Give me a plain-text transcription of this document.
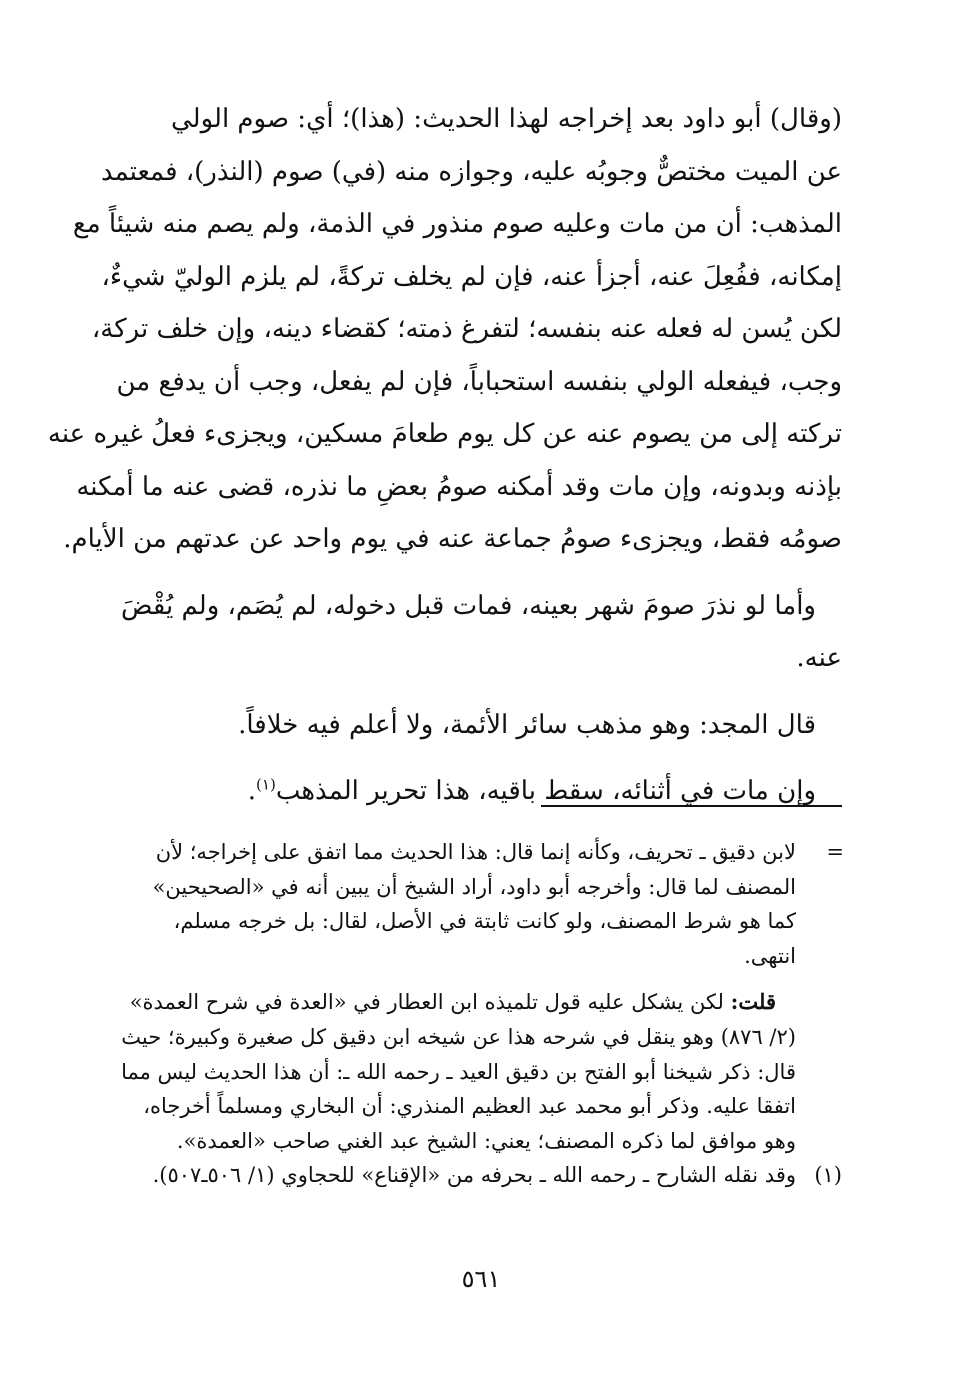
(وقال) أبو داود بعد إخراجه لهذا الحديث: (هذا)؛ أي: صوم الولي
عن الميت مختصٌّ وجوبُه عليه، وجوازه منه (في) صوم (النذر)، فمعتمد
المذهب: أن من مات وعليه صوم منذور في الذمة، ولم يصم منه شيئاً مع
إمكانه، ففُعِلَ عنه، أجزأ عنه، فإن لم يخلف تركةً، لم يلزم الوليّ شيءٌ،
لكن يُسن له فعله عنه بنفسه؛ لتفرغ ذمته؛ كقضاء دينه، وإن خلف تركة،
وجب، فيفعله الولي بنفسه استحباباً، فإن لم يفعل، وجب أن يدفع من
تركته إلى من يصوم عنه عن كل يوم طعامَ مسكين، ويجزىء فعلُ غيره عنه
بإذنه وبدونه، وإن مات وقد أمكنه صومُ بعضِ ما نذره، قضى عنه ما أمكنه
صومُه فقط، ويجزىء صومُ جماعة عنه في يوم واحد عن عدتهم من الأيام.
وأما لو نذرَ صومَ شهر بعينه، فمات قبل دخوله، لم يُصَم، ولم يُقْضَ
عنه.
قال المجد: وهو مذهب سائر الأئمة، ولا أعلم فيه خلافاً.
وإن مات في أثنائه، سقط باقيه، هذا تحرير المذهب$^{(١)}$.
=
لابن دقيق ـ تحريف، وكأنه إنما قال: هذا الحديث مما اتفق على إخراجه؛ لأن
المصنف لما قال: وأخرجه أبو داود، أراد الشيخ أن يبين أنه في «الصحيحين»
كما هو شرط المصنف، ولو كانت ثابتة في الأصل، لقال: بل خرجه مسلم،
انتهى.
قلت: لكن يشكل عليه قول تلميذه ابن العطار في «العدة في شرح العمدة»
(٢/ ٨٧٦) وهو ينقل في شرحه هذا عن شيخه ابن دقيق كل صغيرة وكبيرة؛ حيث
قال: ذكر شيخنا أبو الفتح بن دقيق العيد ـ رحمه الله ـ: أن هذا الحديث ليس مما
اتفقا عليه. وذكر أبو محمد عبد العظيم المنذري: أن البخاري ومسلماً أخرجاه،
وهو موافق لما ذكره المصنف؛ يعني: الشيخ عبد الغني صاحب «العمدة».
(١)
وقد نقله الشارح ـ رحمه الله ـ بحرفه من «الإقناع» للحجاوي (١/ ٥٠٦ـ٥٠٧).
٥٦١
